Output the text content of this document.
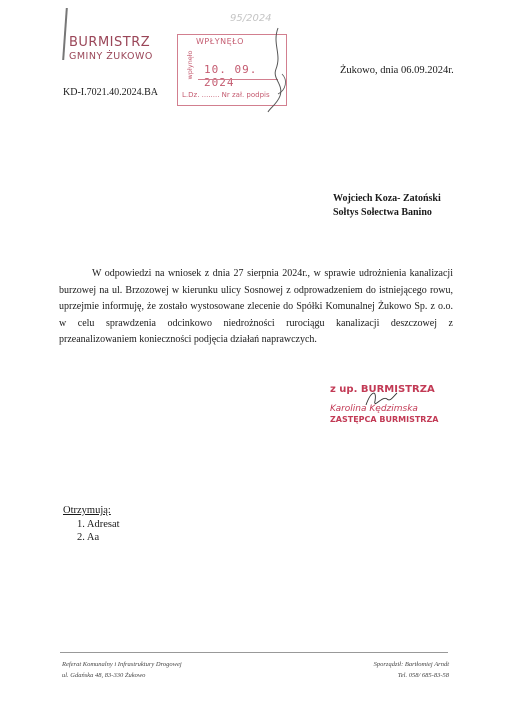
BURMISTRZ
GMINY ŻUKOWO
95/2024
WPŁYNĘŁO
wpłynęło 10. 09. 2024
L.Dz. ........ Nr zał. podpis
Żukowo, dnia 06.09.2024r.
KD-I.7021.40.2024.BA
Wojciech Koza- Zatoński
Sołtys Sołectwa Banino
W odpowiedzi na wniosek z dnia 27 sierpnia 2024r., w sprawie udrożnienia kanalizacji burzowej na ul. Brzozowej w kierunku ulicy Sosnowej z odprowadzeniem do istniejącego rowu, uprzejmie informuję, że zostało wystosowane zlecenie do Spółki Komunalnej Żukowo Sp. z o.o. w celu sprawdzenia odcinkowo niedrożności rurociągu kanalizacji deszczowej z przeanalizowaniem konieczności podjęcia działań naprawczych.
z up. BURMISTRZA
Karolina Kędzimska
ZASTĘPCA BURMISTRZA
Otrzymują:
1. Adresat
2. Aa
Referat Komunalny i Infrastruktury Drogowej
ul. Gdańska 48, 83-330 Żukowo
Sporządził: Bartłomiej Arndt
Tel. 058/ 685-83-58
